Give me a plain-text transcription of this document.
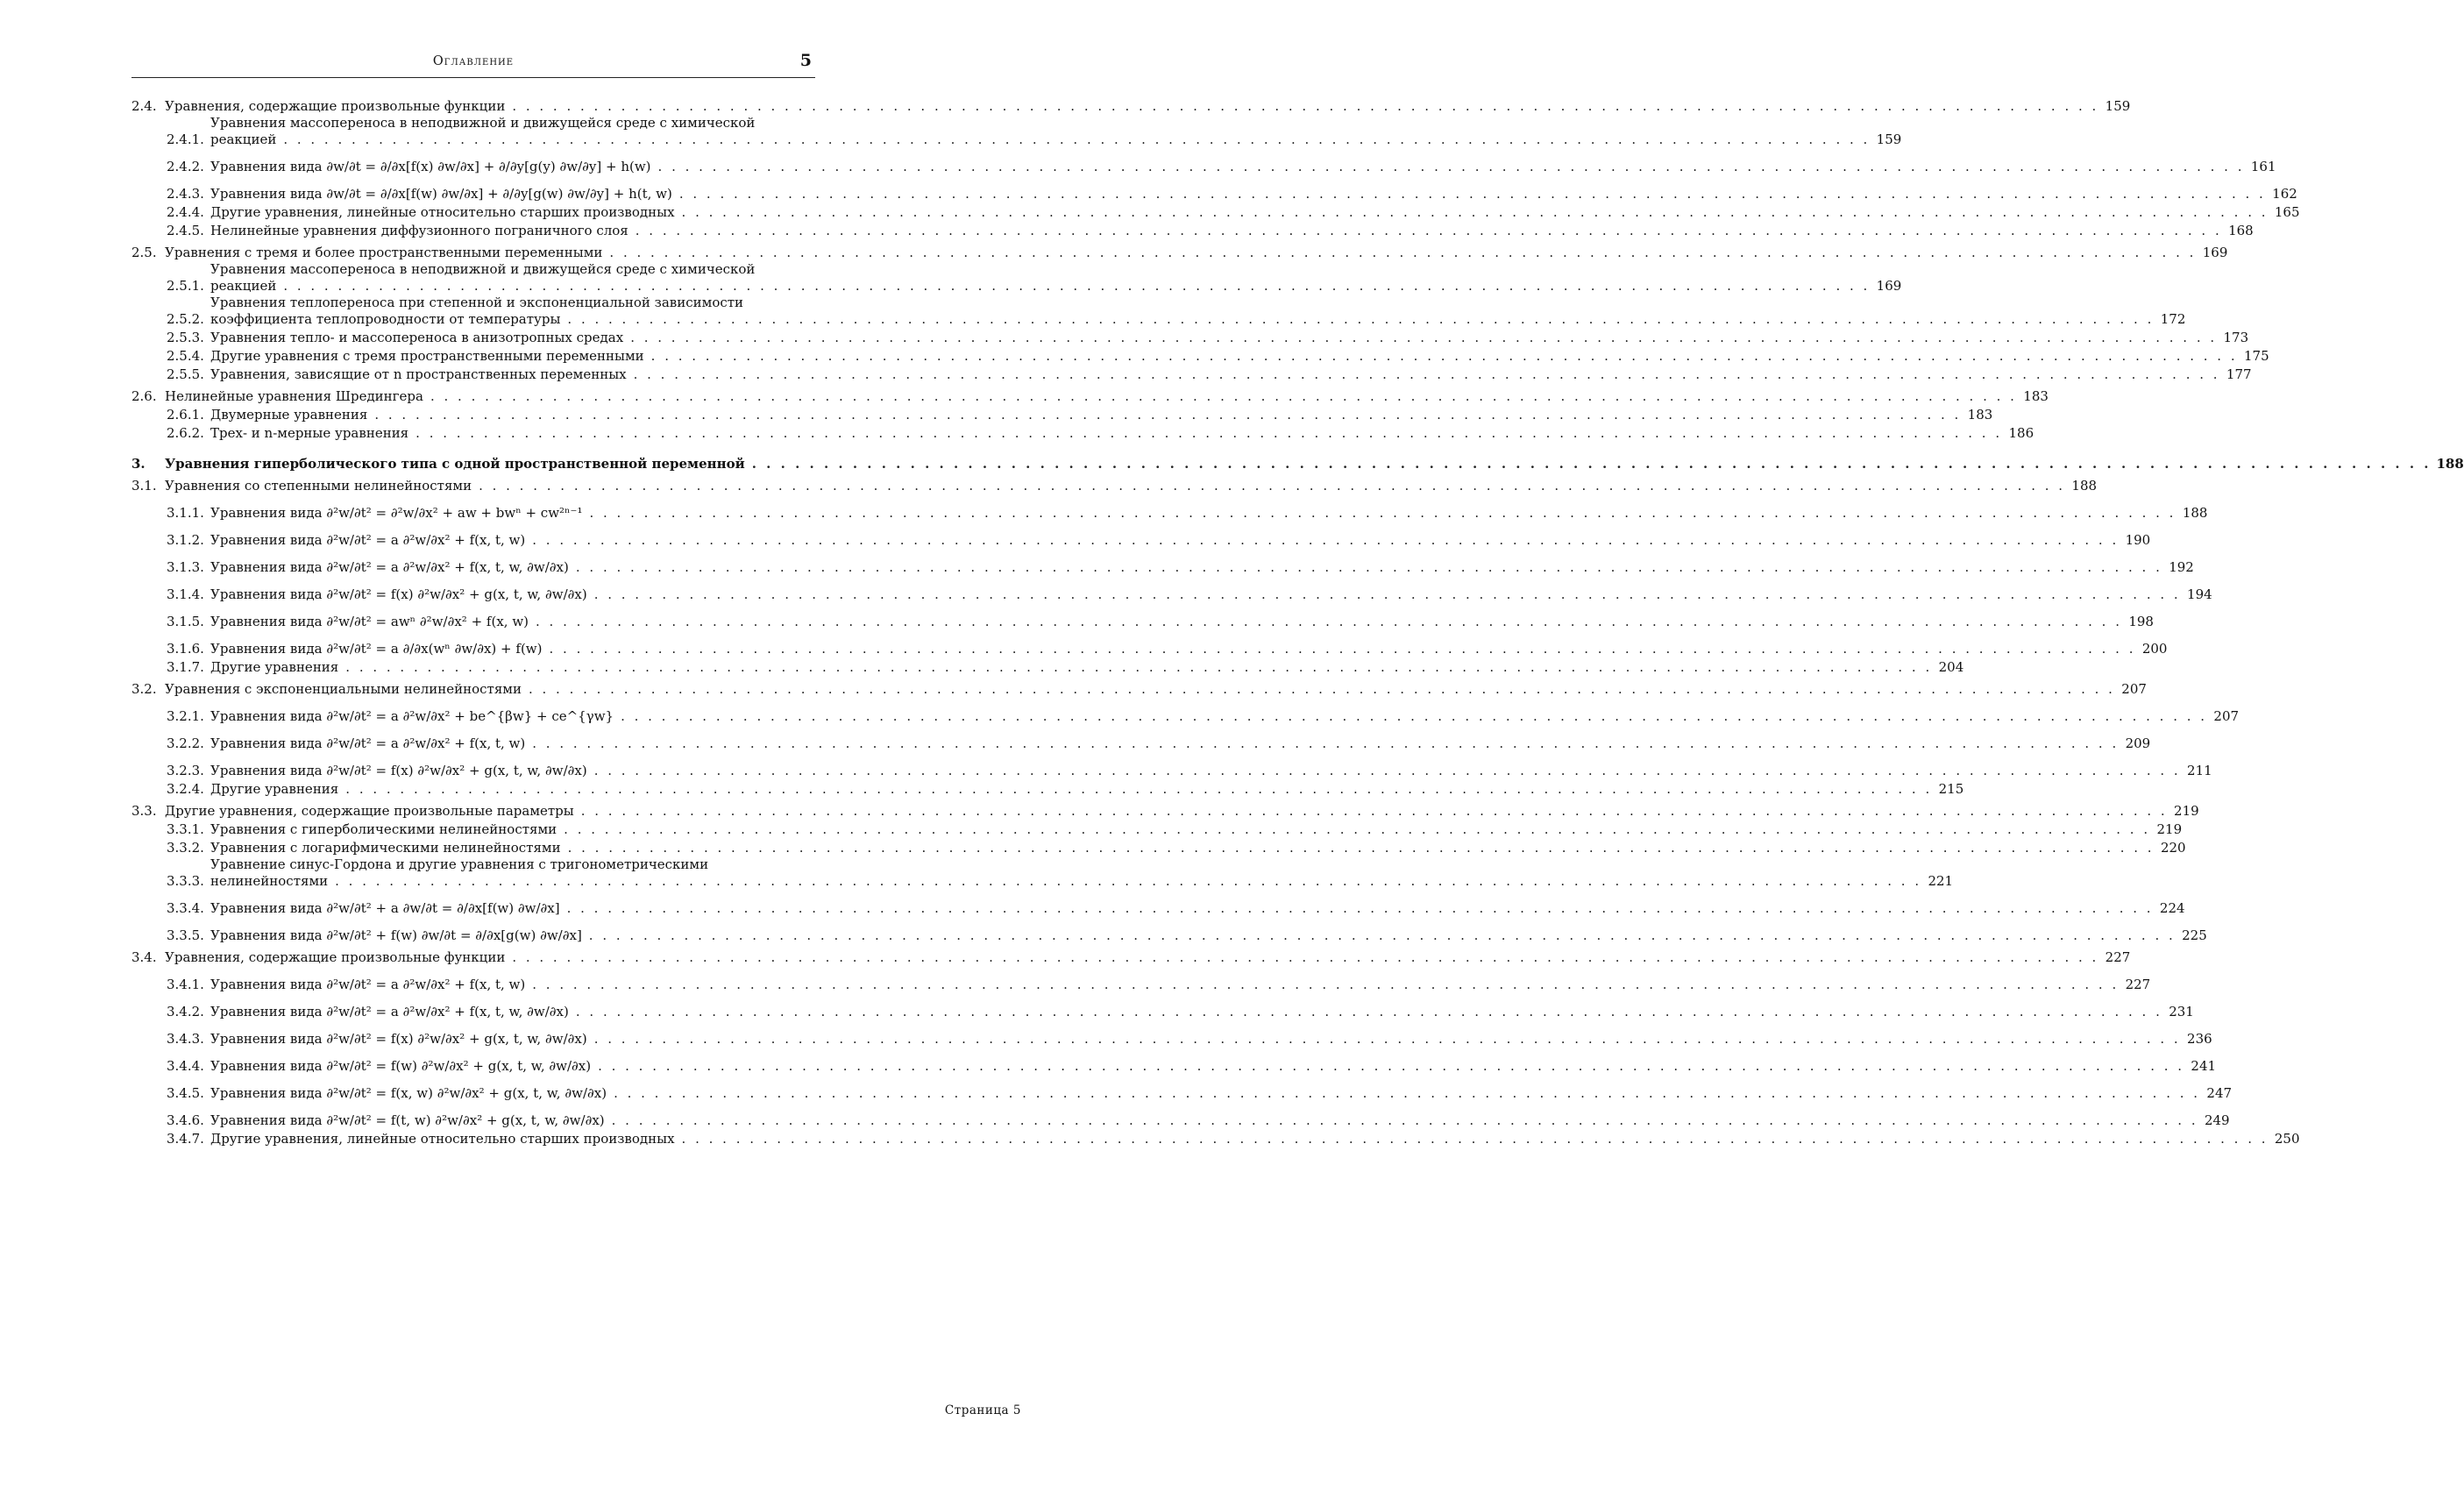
Оглавление	5
2.4. Уравнения, содержащие произвольные функции . . .	159
2.4.1.
Уравнения массопереноса в неподвижной и движущейся среде с химической
реакцией . . .	159
2.4.2. Уравнения вида ∂w/∂t = ∂/∂x[f(x) ∂w/∂x] + ∂/∂y[g(y) ∂w/∂y] + h(w) . . .	161
2.4.3. Уравнения вида ∂w/∂t = ∂/∂x[f(w) ∂w/∂x] + ∂/∂y[g(w) ∂w/∂y] + h(t, w) . . .	162
2.4.4. Другие уравнения, линейные относительно старших производных . . .	165
2.4.5. Нелинейные уравнения диффузионного пограничного слоя . . .	168
2.5. Уравнения с тремя и более пространственными переменными . . .	169
2.5.1.
Уравнения массопереноса в неподвижной и движущейся среде с химической
реакцией . . .	169
2.5.2.
Уравнения теплопереноса при степенной и экспоненциальной зависимости
коэффициента теплопроводности от температуры . . .	172
2.5.3. Уравнения тепло- и массопереноса в анизотропных средах . . .	173
2.5.4. Другие уравнения с тремя пространственными переменными . . .	175
2.5.5. Уравнения, зависящие от n пространственных переменных . . .	177
2.6. Нелинейные уравнения Шредингера . . .	183
2.6.1. Двумерные уравнения . . .	183
2.6.2. Трех- и n-мерные уравнения . . .	186
3.	Уравнения гиперболического типа с одной пространственной переменной . . .	188
3.1. Уравнения со степенными нелинейностями . . .	188
3.1.1. Уравнения вида ∂²w/∂t² = ∂²w/∂x² + aw + bwⁿ + cw²ⁿ⁻¹ . . .	188
3.1.2. Уравнения вида ∂²w/∂t² = a ∂²w/∂x² + f(x, t, w) . . .	190
3.1.3. Уравнения вида ∂²w/∂t² = a ∂²w/∂x² + f(x, t, w, ∂w/∂x) . . .	192
3.1.4. Уравнения вида ∂²w/∂t² = f(x) ∂²w/∂x² + g(x, t, w, ∂w/∂x) . . .	194
3.1.5. Уравнения вида ∂²w/∂t² = awⁿ ∂²w/∂x² + f(x, w) . . .	198
3.1.6. Уравнения вида ∂²w/∂t² = a ∂/∂x(wⁿ ∂w/∂x) + f(w) . . .	200
3.1.7. Другие уравнения . . .	204
3.2. Уравнения с экспоненциальными нелинейностями . . .	207
3.2.1. Уравнения вида ∂²w/∂t² = a ∂²w/∂x² + be^{βw} + ce^{γw} . . .	207
3.2.2. Уравнения вида ∂²w/∂t² = a ∂²w/∂x² + f(x, t, w) . . .	209
3.2.3. Уравнения вида ∂²w/∂t² = f(x) ∂²w/∂x² + g(x, t, w, ∂w/∂x) . . .	211
3.2.4. Другие уравнения . . .	215
3.3. Другие уравнения, содержащие произвольные параметры . . .	219
3.3.1. Уравнения с гиперболическими нелинейностями . . .	219
3.3.2. Уравнения с логарифмическими нелинейностями . . .	220
3.3.3.
Уравнение синус-Гордона и другие уравнения с тригонометрическими
нелинейностями . . .	221
3.3.4. Уравнения вида ∂²w/∂t² + a ∂w/∂t = ∂/∂x[f(w) ∂w/∂x] . . .	224
3.3.5. Уравнения вида ∂²w/∂t² + f(w) ∂w/∂t = ∂/∂x[g(w) ∂w/∂x] . . .	225
3.4. Уравнения, содержащие произвольные функции . . .	227
3.4.1. Уравнения вида ∂²w/∂t² = a ∂²w/∂x² + f(x, t, w) . . .	227
3.4.2. Уравнения вида ∂²w/∂t² = a ∂²w/∂x² + f(x, t, w, ∂w/∂x) . . .	231
3.4.3. Уравнения вида ∂²w/∂t² = f(x) ∂²w/∂x² + g(x, t, w, ∂w/∂x) . . .	236
3.4.4. Уравнения вида ∂²w/∂t² = f(w) ∂²w/∂x² + g(x, t, w, ∂w/∂x) . . .	241
3.4.5. Уравнения вида ∂²w/∂t² = f(x, w) ∂²w/∂x² + g(x, t, w, ∂w/∂x) . . .	247
3.4.6. Уравнения вида ∂²w/∂t² = f(t, w) ∂²w/∂x² + g(x, t, w, ∂w/∂x) . . .	249
3.4.7. Другие уравнения, линейные относительно старших производных . . .	250
Страница 5
